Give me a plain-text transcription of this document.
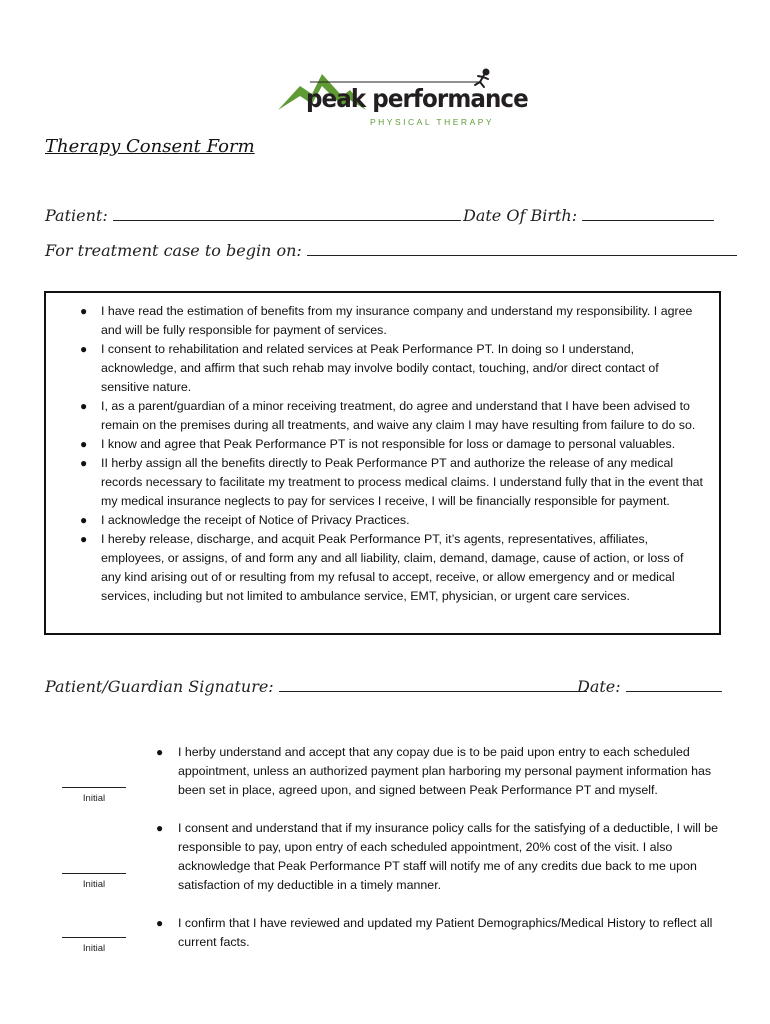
peak performance
PHYSICAL THERAPY
Therapy Consent Form
Patient:	Date Of Birth:
For treatment case to begin on:
● I have read the estimation of benefits from my insurance company and understand my responsibility. I agree and will be fully responsible for payment of services.
● I consent to rehabilitation and related services at Peak Performance PT. In doing so I understand, acknowledge, and affirm that such rehab may involve bodily contact, touching, and/or direct contact of sensitive nature.
● I, as a parent/guardian of a minor receiving treatment, do agree and understand that I have been advised to remain on the premises during all treatments, and waive any claim I may have resulting from failure to do so.
● I know and agree that Peak Performance PT is not responsible for loss or damage to personal valuables.
● II herby assign all the benefits directly to Peak Performance PT and authorize the release of any medical records necessary to facilitate my treatment to process medical claims. I understand fully that in the event that my medical insurance neglects to pay for services I receive, I will be financially responsible for payment.
● I acknowledge the receipt of Notice of Privacy Practices.
● I hereby release, discharge, and acquit Peak Performance PT, it’s agents, representatives, affiliates, employees, or assigns, of and form any and all liability, claim, demand, damage, cause of action, or loss of any kind arising out of or resulting from my refusal to accept, receive, or allow emergency and or medical services, including but not limited to ambulance service, EMT, physician, or urgent care services.
Patient/Guardian Signature:	Date:
Initial
● I herby understand and accept that any copay due is to be paid upon entry to each scheduled appointment, unless an authorized payment plan harboring my personal payment information has been set in place, agreed upon, and signed between Peak Performance PT and myself.
Initial
● I consent and understand that if my insurance policy calls for the satisfying of a deductible, I will be responsible to pay, upon entry of each scheduled appointment, 20% cost of the visit. I also acknowledge that Peak Performance PT staff will notify me of any credits due back to me upon satisfaction of my deductible in a timely manner.
Initial
● I confirm that I have reviewed and updated my Patient Demographics/Medical History to reflect all current facts.
